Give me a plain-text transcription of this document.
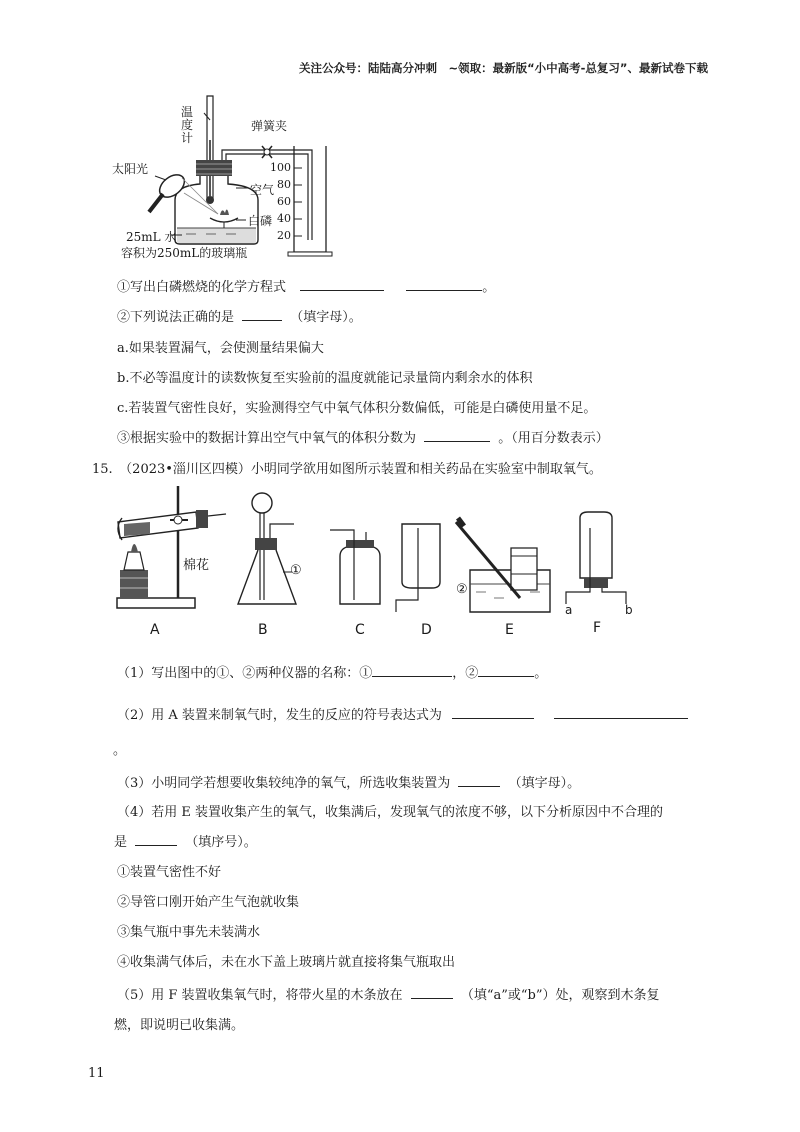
关注公众号：陆陆高分冲刺　~领取：最新版“小中高考-总复习”、最新试卷下载
温度计
太阳光
弹簧夹
空气
白磷
25mL 水
容积为250mL的玻璃瓶
100
80
60
40
20
①写出白磷燃烧的化学方程式	。
②下列说法正确的是	（填字母）。
a.如果装置漏气，会使测量结果偏大
b.不必等温度计的读数恢复至实验前的温度就能记录量筒内剩余水的体积
c.若装置气密性良好，实验测得空气中氧气体积分数偏低，可能是白磷使用量不足。
③根据实验中的数据计算出空气中氧气的体积分数为	。（用百分数表示）
15.　（2023•淄川区四模）小明同学欲用如图所示装置和相关药品在实验室中制取氧气。
棉花	①
②
A	B	C	D	E	F
a	b
（1）写出图中的①、②两种仪器的名称：①	，②	。
（2）用 A 装置来制氧气时，发生的反应的符号表达式为
。
（3）小明同学若想要收集较纯净的氧气，所选收集装置为	（填字母）。
（4）若用 E 装置收集产生的氧气，收集满后，发现氧气的浓度不够，以下分析原因中不合理的
是	（填序号）。
①装置气密性不好
②导管口刚开始产生气泡就收集
③集气瓶中事先未装满水
④收集满气体后，未在水下盖上玻璃片就直接将集气瓶取出
（5）用 F 装置收集氧气时，将带火星的木条放在	（填“a”或“b”）处，观察到木条复
燃，即说明已收集满。
11
